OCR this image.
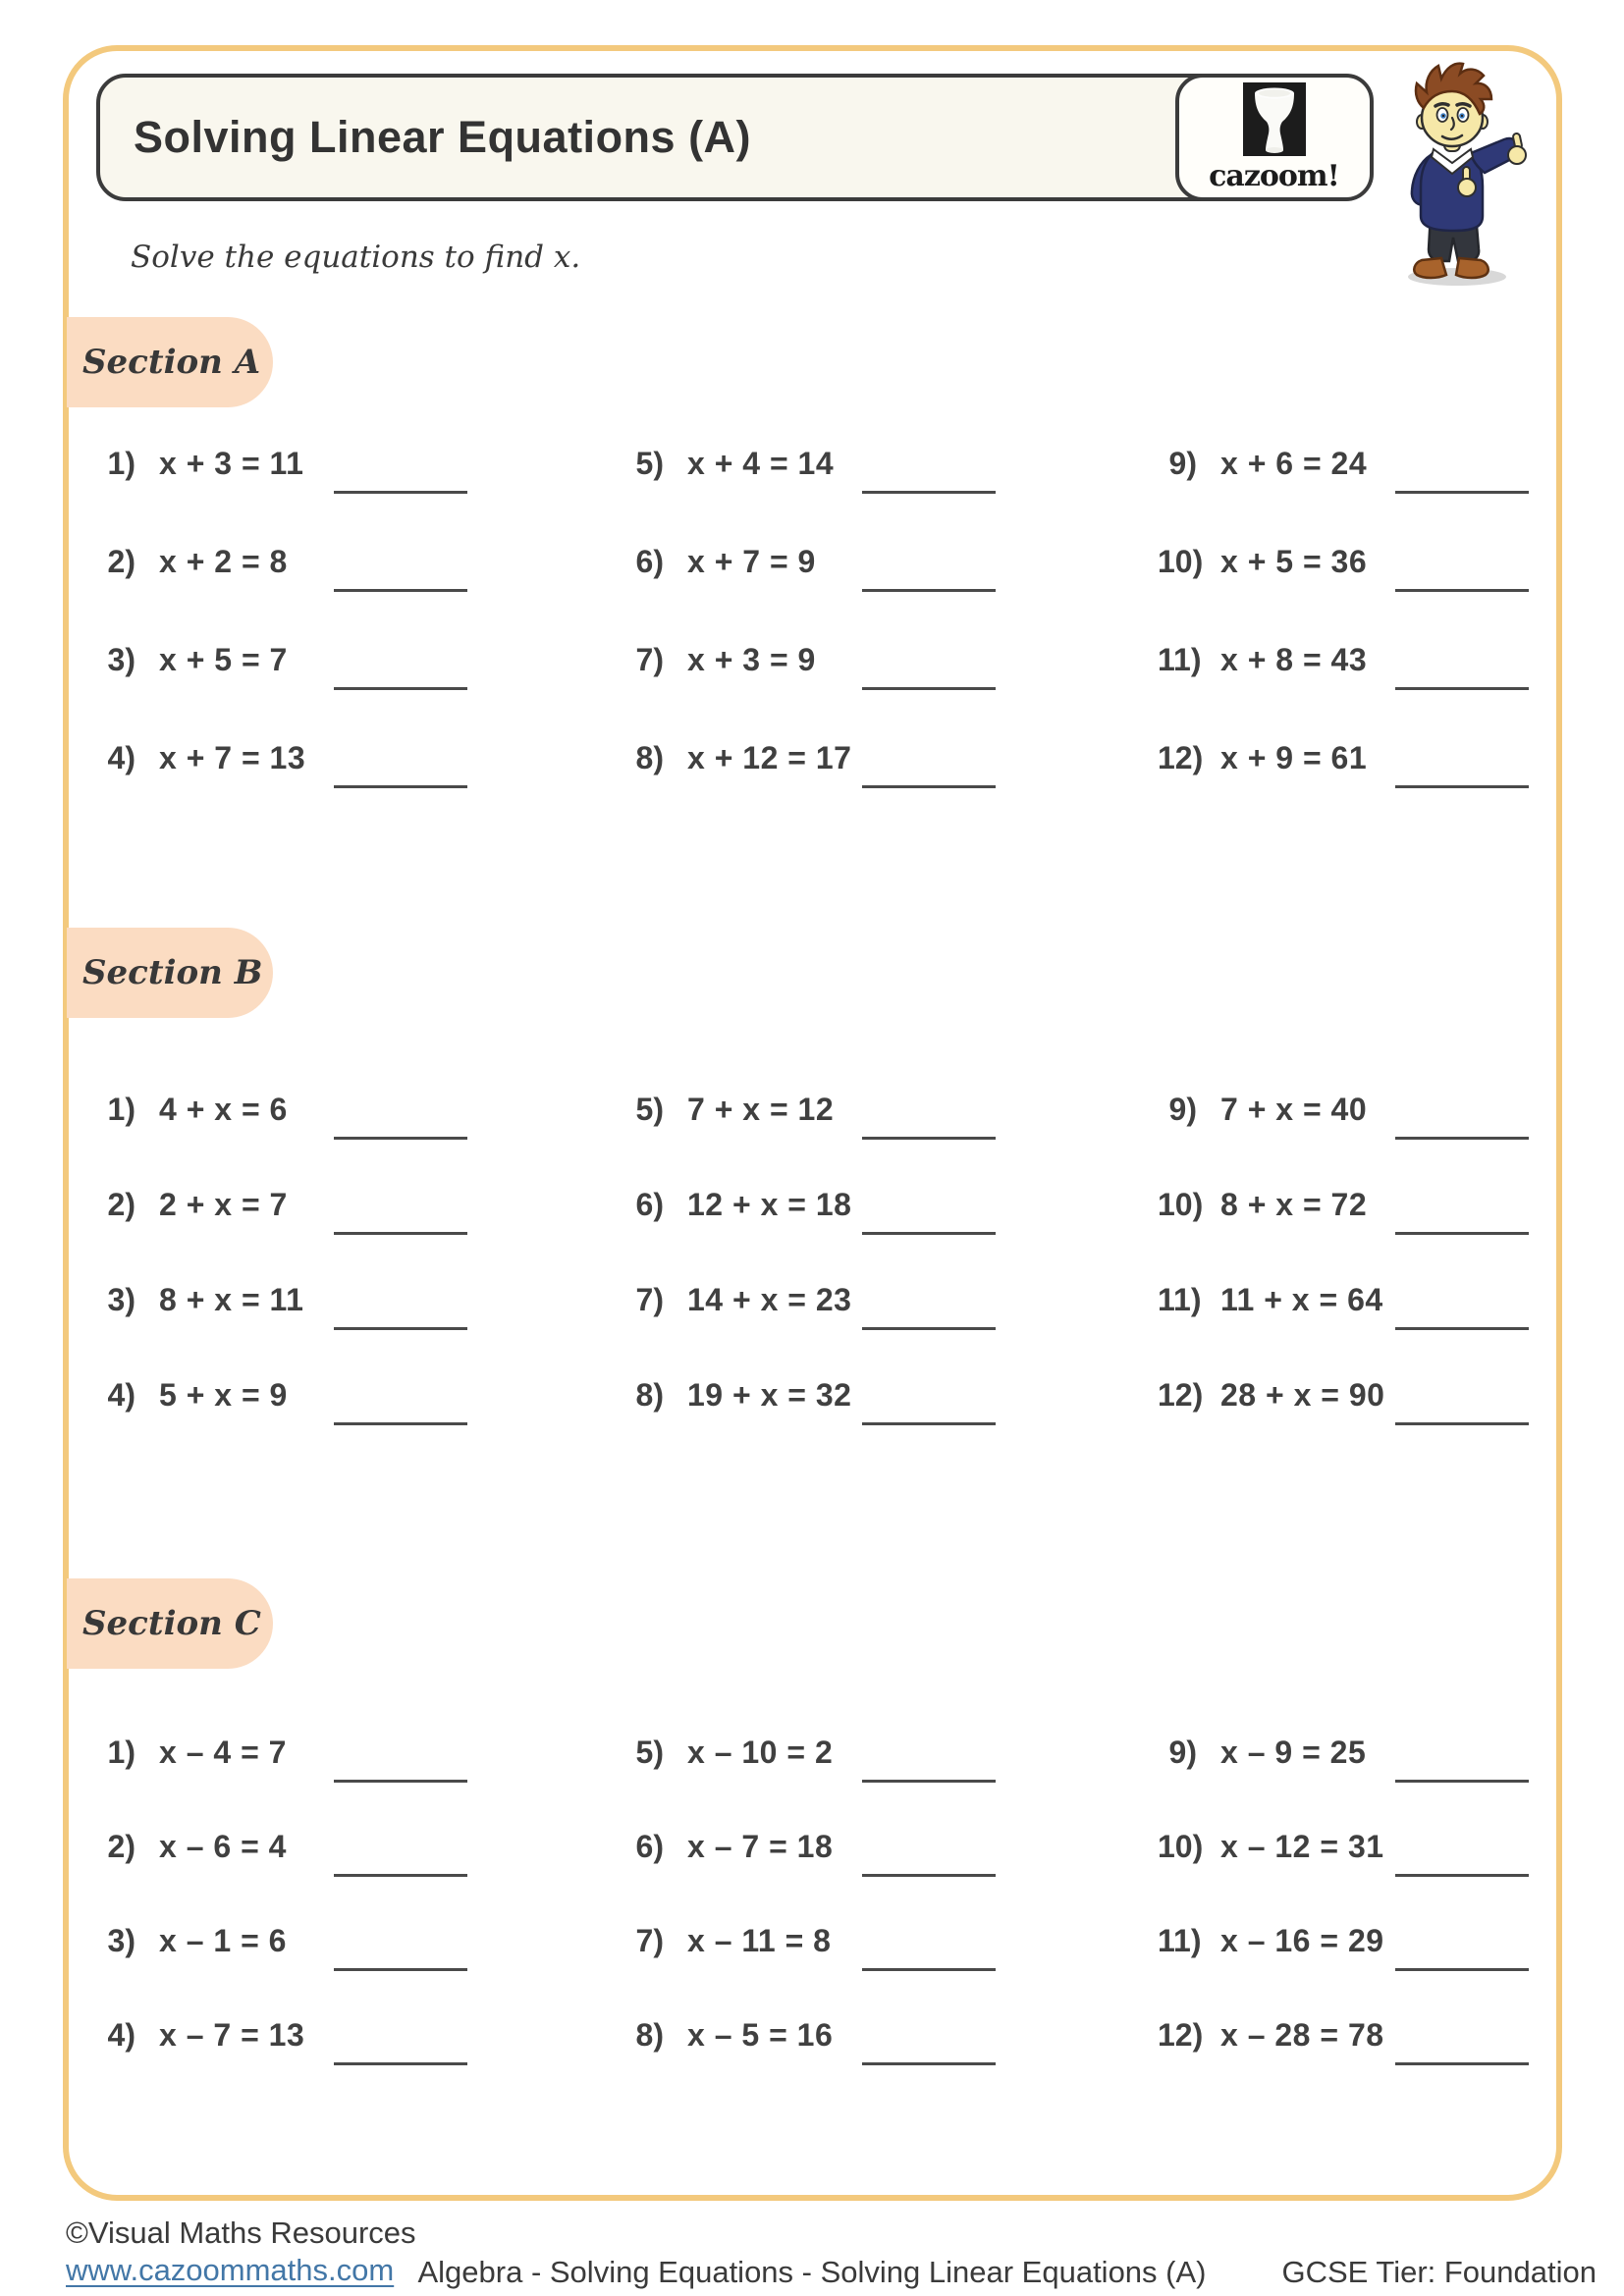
Solving Linear Equations (A)
cazoom!
Solve the equations to find x.
Section A
1) x + 3 = 11
2) x + 2 = 8
3) x + 5 = 7
4) x + 7 = 13
5) x + 4 = 14
6) x + 7 = 9
7) x + 3 = 9
8) x + 12 = 17
9) x + 6 = 24
10) x + 5 = 36
11) x + 8 = 43
12) x + 9 = 61
Section B
1) 4 + x = 6
2) 2 + x = 7
3) 8 + x = 11
4) 5 + x = 9
5) 7 + x = 12
6) 12 + x = 18
7) 14 + x = 23
8) 19 + x = 32
9) 7 + x = 40
10) 8 + x = 72
11) 11 + x = 64
12) 28 + x = 90
Section C
1) x – 4 = 7
2) x – 6 = 4
3) x – 1 = 6
4) x – 7 = 13
5) x – 10 = 2
6) x – 7 = 18
7) x – 11 = 8
8) x – 5 = 16
9) x – 9 = 25
10) x – 12 = 31
11) x – 16 = 29
12) x – 28 = 78
©Visual Maths Resources
www.cazoommaths.com Algebra - Solving Equations - Solving Linear Equations (A)	GCSE Tier: Foundation
